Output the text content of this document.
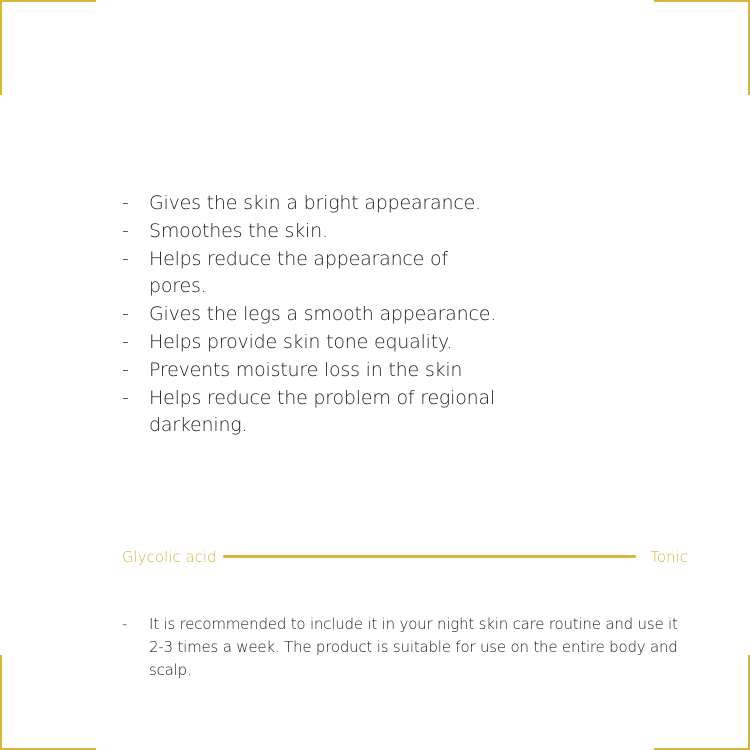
- Gives the skin a bright appearance.
- Smoothes the skin.
- Helps reduce the appearance of pores.
- Gives the legs a smooth appearance.
- Helps provide skin tone equality.
- Prevents moisture loss in the skin
- Helps reduce the problem of regional darkening.
Glycolic acid	Tonic
-	It is recommended to include it in your night skin care routine and use it 2-3 times a week. The product is suitable for use on the entire body and scalp.
